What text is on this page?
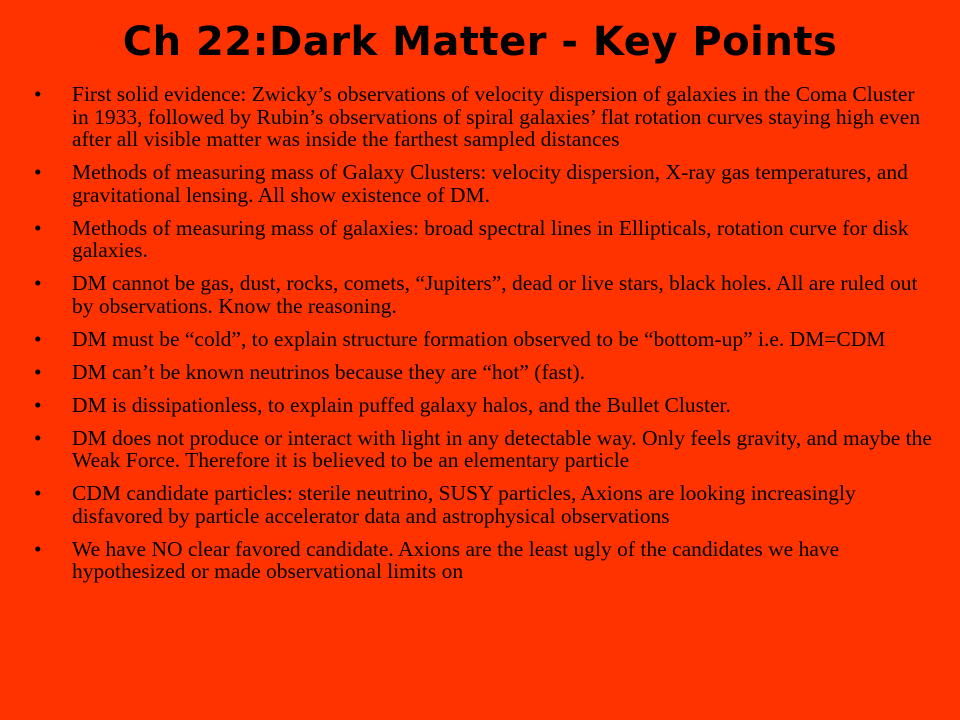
Ch 22:Dark Matter - Key Points
•	First solid evidence: Zwicky’s observations of velocity dispersion of galaxies in the Coma Cluster in 1933, followed by Rubin’s observations of spiral galaxies’ flat rotation curves staying high even after all visible matter was inside the farthest sampled distances
•	Methods of measuring mass of Galaxy Clusters: velocity dispersion, X-ray gas temperatures, and gravitational lensing. All show existence of DM.
•	Methods of measuring mass of galaxies: broad spectral lines in Ellipticals, rotation curve for disk galaxies.
•	DM cannot be gas, dust, rocks, comets, “Jupiters”, dead or live stars, black holes. All are ruled out by observations. Know the reasoning.
•	DM must be “cold”, to explain structure formation observed to be “bottom-up” i.e. DM=CDM
•	DM can’t be known neutrinos because they are “hot” (fast).
•	DM is dissipationless, to explain puffed galaxy halos, and the Bullet Cluster.
•	DM does not produce or interact with light in any detectable way. Only feels gravity, and maybe the Weak Force. Therefore it is believed to be an elementary particle
•	CDM candidate particles: sterile neutrino, SUSY particles, Axions are looking increasingly disfavored by particle accelerator data and astrophysical observations
•	We have NO clear favored candidate. Axions are the least ugly of the candidates we have hypothesized or made observational limits on
